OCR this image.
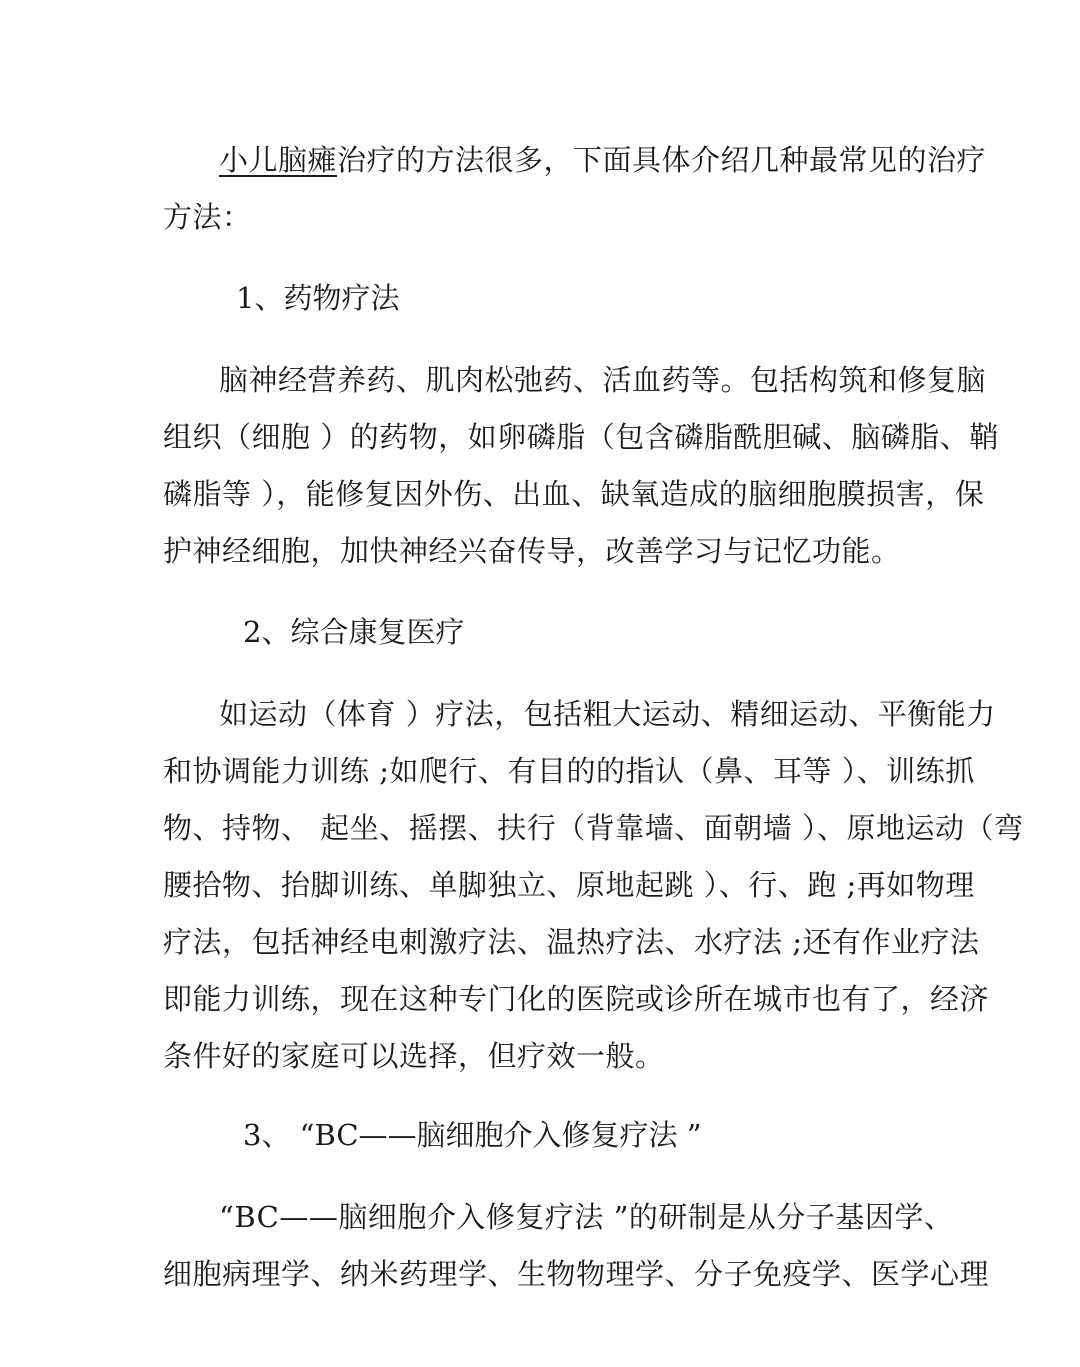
小儿脑瘫治疗的方法很多，下面具体介绍几种最常见的治疗
方法：

1、药物疗法

脑神经营养药、肌肉松弛药、活血药等。包括构筑和修复脑
组织（细胞 ）的药物，如卵磷脂（包含磷脂酰胆碱、脑磷脂、鞘
磷脂等 ），能修复因外伤、出血、缺氧造成的脑细胞膜损害，保
护神经细胞，加快神经兴奋传导，改善学习与记忆功能。

2、综合康复医疗

如运动（体育 ）疗法，包括粗大运动、精细运动、平衡能力
和协调能力训练 ;如爬行、有目的的指认（鼻、耳等 ）、训练抓
物、持物、 起坐、摇摆、扶行（背靠墙、面朝墙 ）、原地运动（弯
腰拾物、抬脚训练、单脚独立、原地起跳 ）、行、跑 ;再如物理
疗法，包括神经电刺激疗法、温热疗法、水疗法 ;还有作业疗法
即能力训练，现在这种专门化的医院或诊所在城市也有了，经济
条件好的家庭可以选择，但疗效一般。

3、 “BC——脑细胞介入修复疗法 ”

“BC——脑细胞介入修复疗法 ”的研制是从分子基因学、
细胞病理学、纳米药理学、生物物理学、分子免疫学、医学心理
